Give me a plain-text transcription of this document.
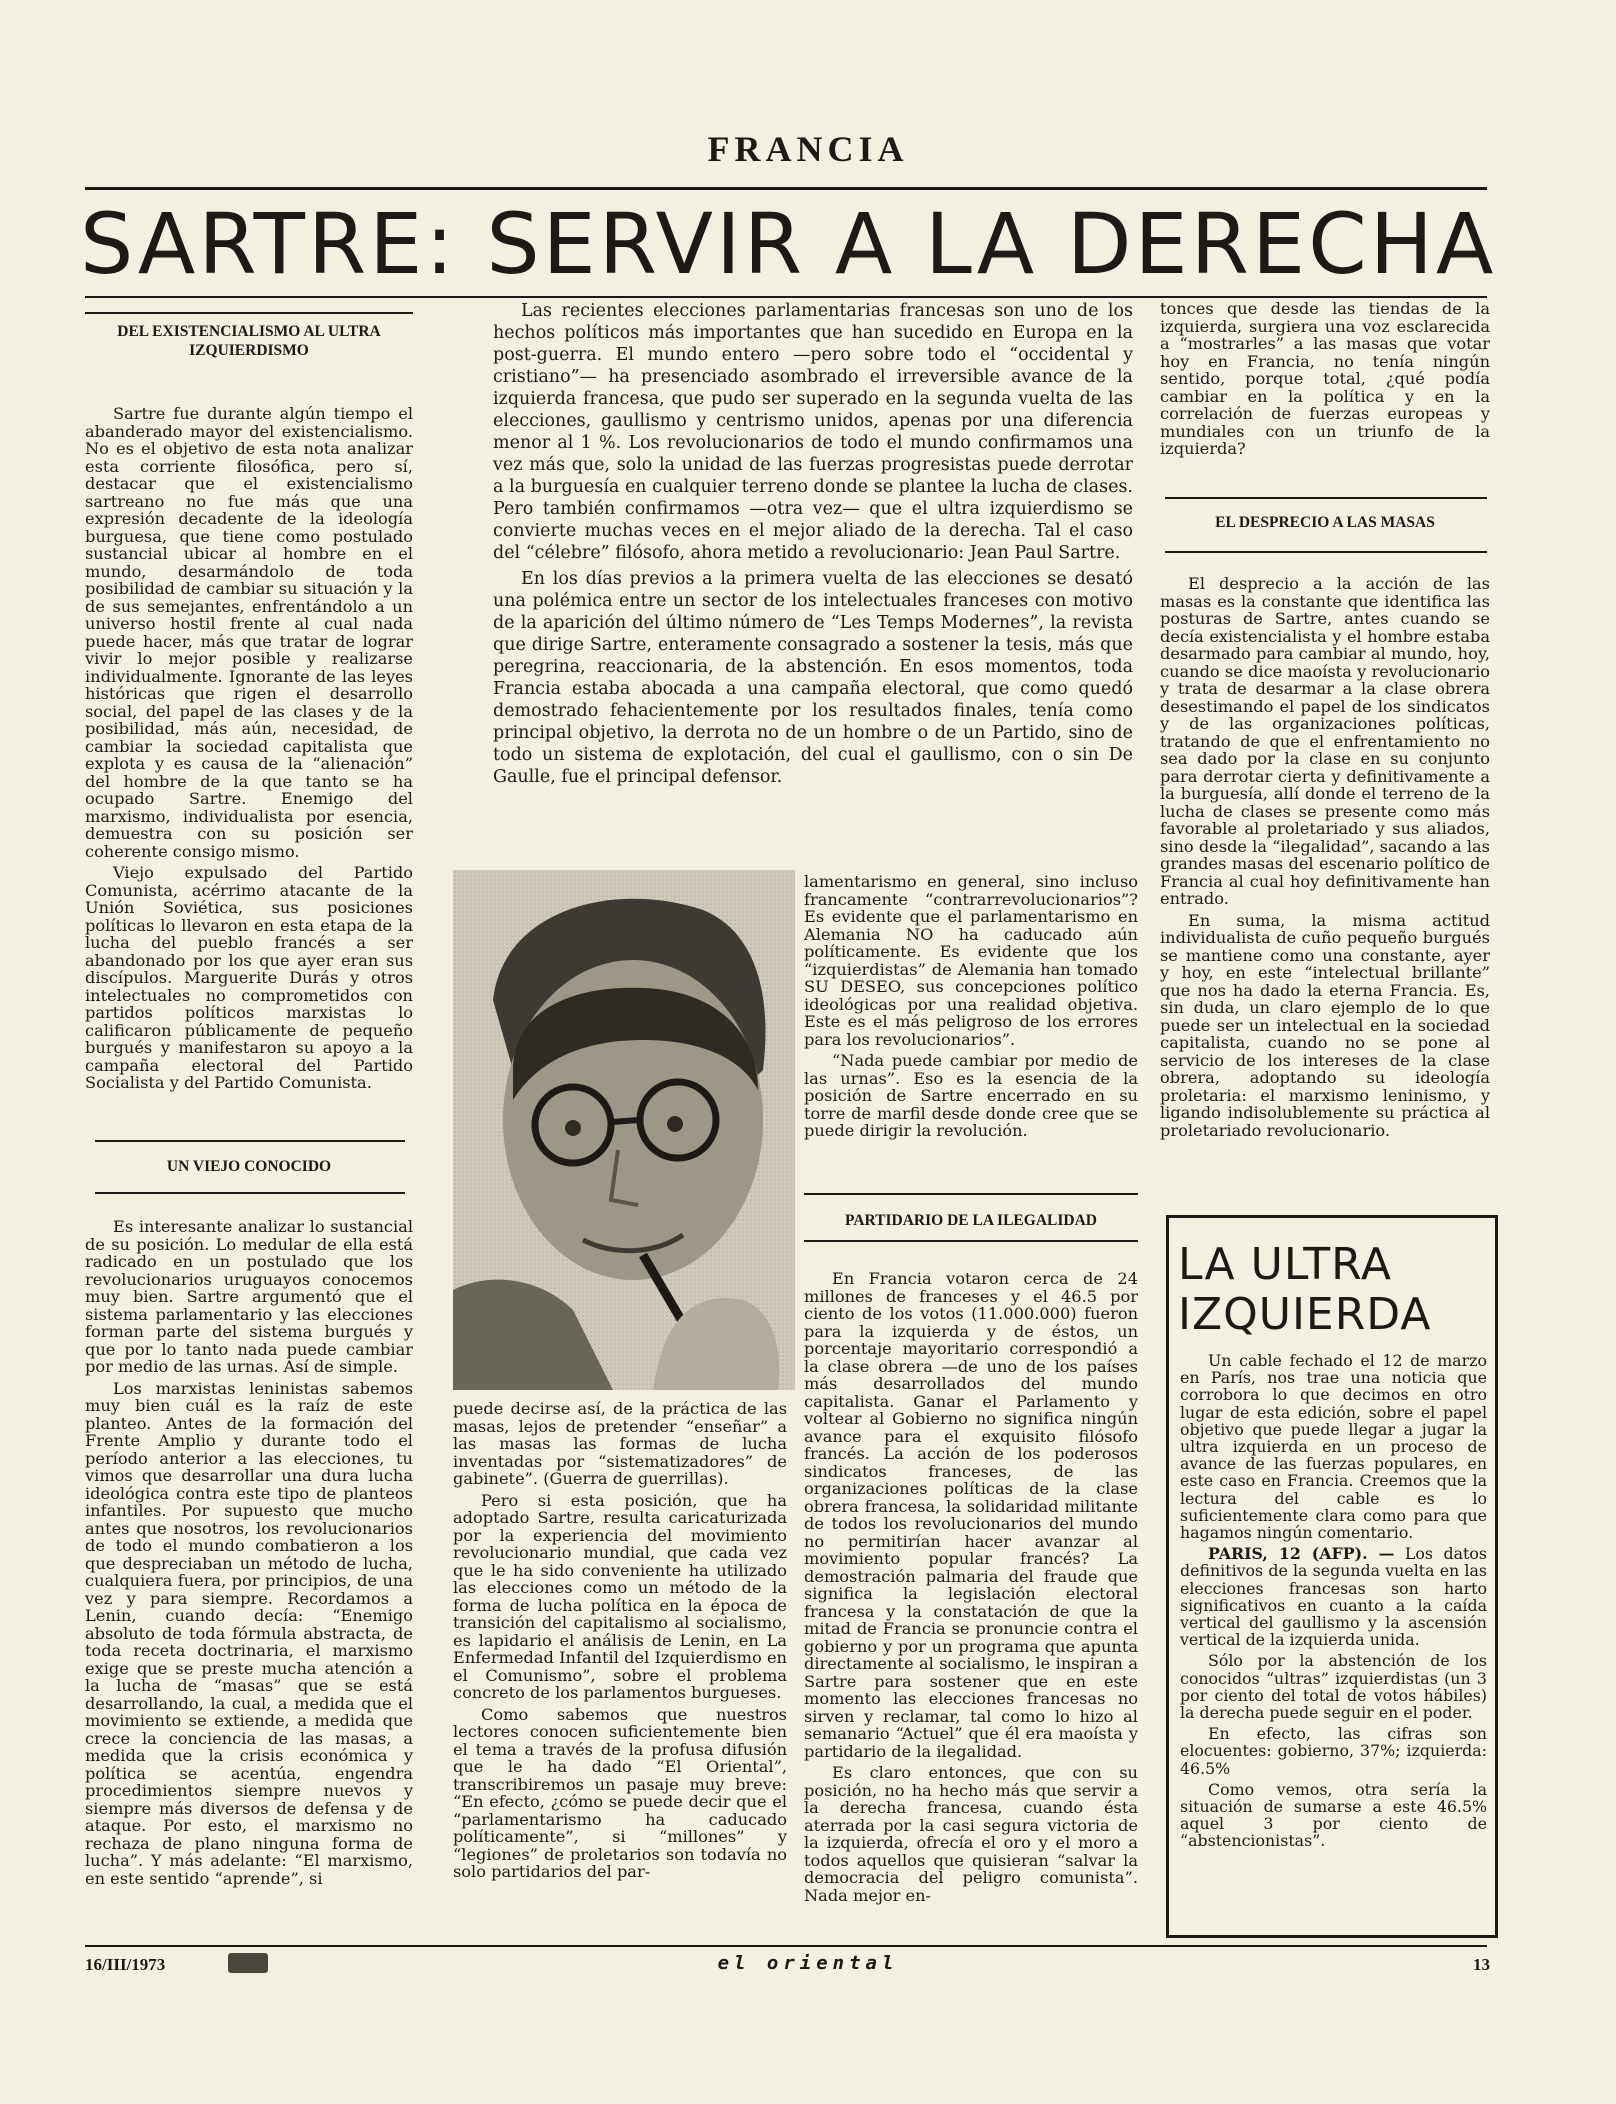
FRANCIA
SARTRE: SERVIR A LA DERECHA
DEL EXISTENCIALISMO AL ULTRA IZQUIERDISMO

Sartre fue durante algún tiempo el abanderado mayor del existencialismo. No es el objetivo de esta nota analizar esta corriente filosófica, pero sí, destacar que el existencialismo sartreano no fue más que una expresión decadente de la ideología burguesa, que tiene como postulado sustancial ubicar al hombre en el mundo, desarmándolo de toda posibilidad de cambiar su situación y la de sus semejantes, enfrentándolo a un universo hostil frente al cual nada puede hacer, más que tratar de lograr vivir lo mejor posible y realizarse individualmente. Ignorante de las leyes históricas que rigen el desarrollo social, del papel de las clases y de la posibilidad, más aún, necesidad, de cambiar la sociedad capitalista que explota y es causa de la “alienación” del hombre de la que tanto se ha ocupado Sartre. Enemigo del marxismo, individualista por esencia, demuestra con su posición ser coherente consigo mismo.

Viejo expulsado del Partido Comunista, acérrimo atacante de la Unión Soviética, sus posiciones políticas lo llevaron en esta etapa de la lucha del pueblo francés a ser abandonado por los que ayer eran sus discípulos. Marguerite Durás y otros intelectuales no comprometidos con partidos políticos marxistas lo calificaron públicamente de pequeño burgués y manifestaron su apoyo a la campaña electoral del Partido Socialista y del Partido Comunista.

UN VIEJO CONOCIDO

Es interesante analizar lo sustancial de su posición. Lo medular de ella está radicado en un postulado que los revolucionarios uruguayos conocemos muy bien. Sartre argumentó que el sistema parlamentario y las elecciones forman parte del sistema burgués y que por lo tanto nada puede cambiar por medio de las urnas. Así de simple.

Los marxistas leninistas sabemos muy bien cuál es la raíz de este planteo. Antes de la formación del Frente Amplio y durante todo el período anterior a las elecciones, tu vimos que desarrollar una dura lucha ideológica contra este tipo de planteos infantiles. Por supuesto que mucho antes que nosotros, los revolucionarios de todo el mundo combatieron a los que despreciaban un método de lucha, cualquiera fuera, por principios, de una vez y para siempre. Recordamos a Lenin, cuando decía: “Enemigo absoluto de toda fórmula abstracta, de toda receta doctrinaria, el marxismo exige que se preste mucha atención a la lucha de “masas” que se está desarrollando, la cual, a medida que el movimiento se extiende, a medida que crece la conciencia de las masas, a medida que la crisis económica y política se acentúa, engendra procedimientos siempre nuevos y siempre más diversos de defensa y de ataque. Por esto, el marxismo no rechaza de plano ninguna forma de lucha”. Y más adelante: “El marxismo, en este sentido “aprende”, si

Las recientes elecciones parlamentarias francesas son uno de los hechos políticos más importantes que han sucedido en Europa en la post-guerra. El mundo entero —pero sobre todo el “occidental y cristiano”— ha presenciado asombrado el irreversible avance de la izquierda francesa, que pudo ser superado en la segunda vuelta de las elecciones, gaullismo y centrismo unidos, apenas por una diferencia menor al 1 %. Los revolucionarios de todo el mundo confirmamos una vez más que, solo la unidad de las fuerzas progresistas puede derrotar a la burguesía en cualquier terreno donde se plantee la lucha de clases. Pero también confirmamos —otra vez— que el ultra izquierdismo se convierte muchas veces en el mejor aliado de la derecha. Tal el caso del “célebre” filósofo, ahora metido a revolucionario: Jean Paul Sartre.

En los días previos a la primera vuelta de las elecciones se desató una polémica entre un sector de los intelectuales franceses con motivo de la aparición del último número de “Les Temps Modernes”, la revista que dirige Sartre, enteramente consagrado a sostener la tesis, más que peregrina, reaccionaria, de la abstención. En esos momentos, toda Francia estaba abocada a una campaña electoral, que como quedó demostrado fehacientemente por los resultados finales, tenía como principal objetivo, la derrota no de un hombre o de un Partido, sino de todo un sistema de explotación, del cual el gaullismo, con o sin De Gaulle, fue el principal defensor.

puede decirse así, de la práctica de las masas, lejos de pretender “enseñar” a las masas las formas de lucha inventadas por “sistematizadores” de gabinete”. (Guerra de guerrillas).

Pero si esta posición, que ha adoptado Sartre, resulta caricaturizada por la experiencia del movimiento revolucionario mundial, que cada vez que le ha sido conveniente ha utilizado las elecciones como un método de la forma de lucha política en la época de transición del capitalismo al socialismo, es lapidario el análisis de Lenin, en La Enfermedad Infantil del Izquierdismo en el Comunismo”, sobre el problema concreto de los parlamentos burgueses.

Como sabemos que nuestros lectores conocen suficientemente bien el tema a través de la profusa difusión que le ha dado “El Oriental”, transcribiremos un pasaje muy breve: “En efecto, ¿cómo se puede decir que el “parlamentarismo ha caducado políticamente”, si “millones” y “legiones” de proletarios son todavía no solo partidarios del par-

lamentarismo en general, sino incluso francamente “contrarrevolucionarios”? Es evidente que el parlamentarismo en Alemania NO ha caducado aún políticamente. Es evidente que los “izquierdistas” de Alemania han tomado SU DESEO, sus concepciones político ideológicas por una realidad objetiva. Este es el más peligroso de los errores para los revolucionarios”.

“Nada puede cambiar por medio de las urnas”. Eso es la esencia de la posición de Sartre encerrado en su torre de marfil desde donde cree que se puede dirigir la revolución.

PARTIDARIO DE LA ILEGALIDAD

En Francia votaron cerca de 24 millones de franceses y el 46.5 por ciento de los votos (11.000.000) fueron para la izquierda y de éstos, un porcentaje mayoritario correspondió a la clase obrera —de uno de los países más desarrollados del mundo capitalista. Ganar el Parlamento y voltear al Gobierno no significa ningún avance para el exquisito filósofo francés. La acción de los poderosos sindicatos franceses, de las organizaciones políticas de la clase obrera francesa, la solidaridad militante de todos los revolucionarios del mundo no permitirían hacer avanzar al movimiento popular francés? La demostración palmaria del fraude que significa la legislación electoral francesa y la constatación de que la mitad de Francia se pronuncie contra el gobierno y por un programa que apunta directamente al socialismo, le inspiran a Sartre para sostener que en este momento las elecciones francesas no sirven y reclamar, tal como lo hizo al semanario “Actuel” que él era maoísta y partidario de la ilegalidad.

Es claro entonces, que con su posición, no ha hecho más que servir a la derecha francesa, cuando ésta aterrada por la casi segura victoria de la izquierda, ofrecía el oro y el moro a todos aquellos que quisieran “salvar la democracia del peligro comunista”. Nada mejor en-

tonces que desde las tiendas de la izquierda, surgiera una voz esclarecida a “mostrarles” a las masas que votar hoy en Francia, no tenía ningún sentido, porque total, ¿qué podía cambiar en la política y en la correlación de fuerzas europeas y mundiales con un triunfo de la izquierda?

EL DESPRECIO A LAS MASAS

El desprecio a la acción de las masas es la constante que identifica las posturas de Sartre, antes cuando se decía existencialista y el hombre estaba desarmado para cambiar al mundo, hoy, cuando se dice maoísta y revolucionario y trata de desarmar a la clase obrera desestimando el papel de los sindicatos y de las organizaciones políticas, tratando de que el enfrentamiento no sea dado por la clase en su conjunto para derrotar cierta y definitivamente a la burguesía, allí donde el terreno de la lucha de clases se presente como más favorable al proletariado y sus aliados, sino desde la “ilegalidad”, sacando a las grandes masas del escenario político de Francia al cual hoy definitivamente han entrado.

En suma, la misma actitud individualista de cuño pequeño burgués se mantiene como una constante, ayer y hoy, en este “intelectual brillante” que nos ha dado la eterna Francia. Es, sin duda, un claro ejemplo de lo que puede ser un intelectual en la sociedad capitalista, cuando no se pone al servicio de los intereses de la clase obrera, adoptando su ideología proletaria: el marxismo leninismo, y ligando indisolublemente su práctica al proletariado revolucionario.

LA ULTRA IZQUIERDA

Un cable fechado el 12 de marzo en París, nos trae una noticia que corrobora lo que decimos en otro lugar de esta edición, sobre el papel objetivo que puede llegar a jugar la ultra izquierda en un proceso de avance de las fuerzas populares, en este caso en Francia. Creemos que la lectura del cable es lo suficientemente clara como para que hagamos ningún comentario.

PARIS, 12 (AFP). — Los datos definitivos de la segunda vuelta en las elecciones francesas son harto significativos en cuanto a la caída vertical del gaullismo y la ascensión vertical de la izquierda unida.

Sólo por la abstención de los conocidos “ultras” izquierdistas (un 3 por ciento del total de votos hábiles) la derecha puede seguir en el poder.

En efecto, las cifras son elocuentes: gobierno, 37%; izquierda: 46.5%

Como vemos, otra sería la situación de sumarse a este 46.5% aquel 3 por ciento de “abstencionistas”.

16/III/1973	el oriental	13
